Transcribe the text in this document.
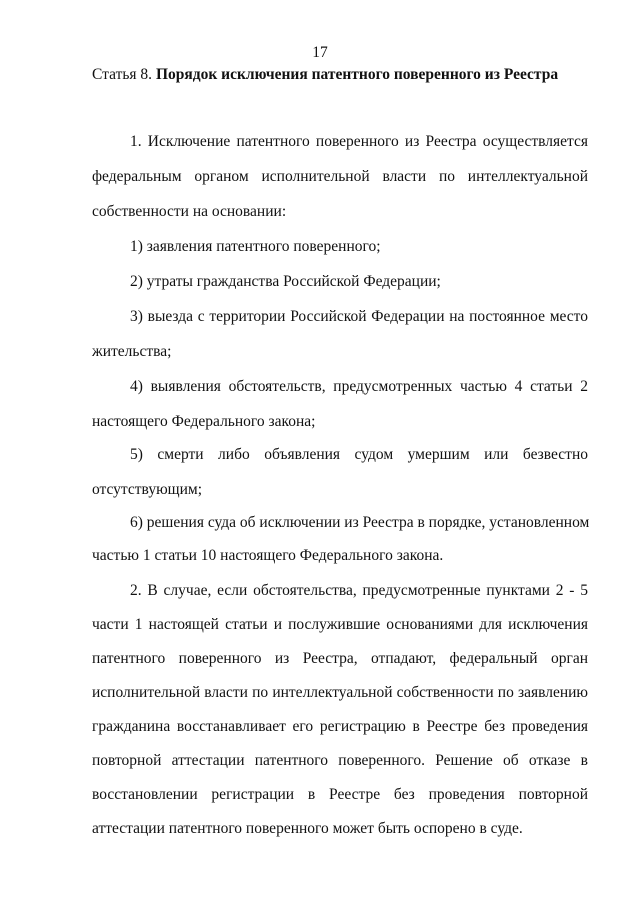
17
Статья 8. Порядок исключения патентного поверенного из Реестра
1. Исключение патентного поверенного из Реестра осуществляется
федеральным органом исполнительной власти по интеллектуальной
собственности на основании:
1) заявления патентного поверенного;
2) утраты гражданства Российской Федерации;
3) выезда с территории Российской Федерации на постоянное место
жительства;
4) выявления обстоятельств, предусмотренных частью 4 статьи 2
настоящего Федерального закона;
5) смерти либо объявления судом умершим или безвестно
отсутствующим;
6) решения суда об исключении из Реестра в порядке, установленном
частью 1 статьи 10 настоящего Федерального закона.
2. В случае, если обстоятельства, предусмотренные пунктами 2 - 5
части 1 настоящей статьи и послужившие основаниями для исключения
патентного поверенного из Реестра, отпадают, федеральный орган
исполнительной власти по интеллектуальной собственности по заявлению
гражданина восстанавливает его регистрацию в Реестре без проведения
повторной аттестации патентного поверенного. Решение об отказе в
восстановлении регистрации в Реестре без проведения повторной
аттестации патентного поверенного может быть оспорено в суде.
